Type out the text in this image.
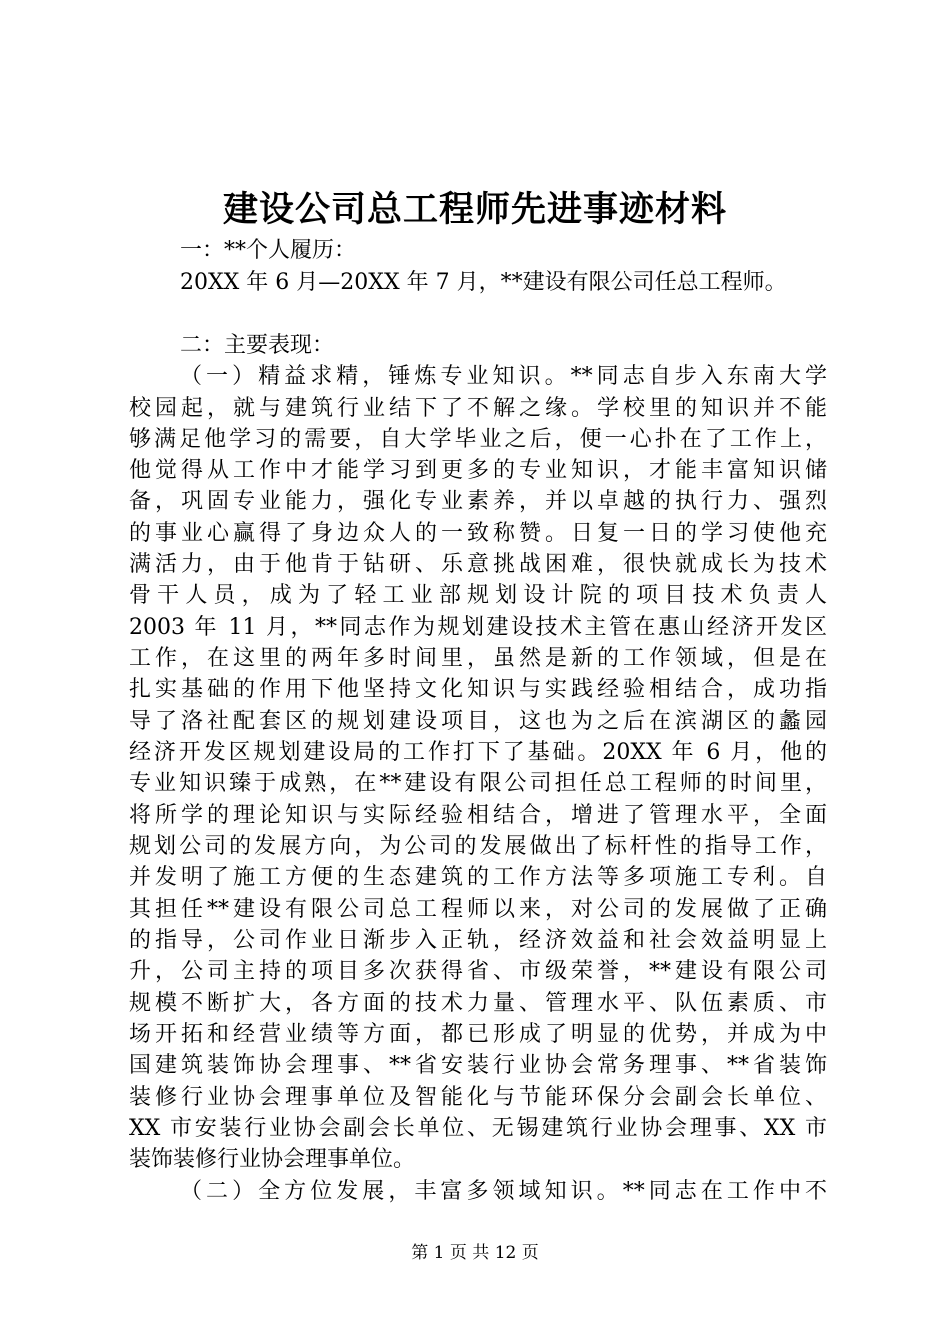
建设公司总工程师先进事迹材料
一：**个人履历：
20XX 年 6 月—20XX 年 7 月，**建设有限公司任总工程师。
二：主要表现：
（一）精益求精，锤炼专业知识。**同志自步入东南大学
校园起，就与建筑行业结下了不解之缘。学校里的知识并不能
够满足他学习的需要，自大学毕业之后，便一心扑在了工作上，
他觉得从工作中才能学习到更多的专业知识，才能丰富知识储
备，巩固专业能力，强化专业素养，并以卓越的执行力、强烈
的事业心赢得了身边众人的一致称赞。日复一日的学习使他充
满活力，由于他肯于钻研、乐意挑战困难，很快就成长为技术
骨干人员，成为了轻工业部规划设计院的项目技术负责人
2003 年 11 月，**同志作为规划建设技术主管在惠山经济开发区
工作，在这里的两年多时间里，虽然是新的工作领域，但是在
扎实基础的作用下他坚持文化知识与实践经验相结合，成功指
导了洛社配套区的规划建设项目，这也为之后在滨湖区的蠡园
经济开发区规划建设局的工作打下了基础。20XX 年 6 月，他的
专业知识臻于成熟，在**建设有限公司担任总工程师的时间里，
将所学的理论知识与实际经验相结合，增进了管理水平，全面
规划公司的发展方向，为公司的发展做出了标杆性的指导工作，
并发明了施工方便的生态建筑的工作方法等多项施工专利。自
其担任**建设有限公司总工程师以来，对公司的发展做了正确
的指导，公司作业日渐步入正轨，经济效益和社会效益明显上
升，公司主持的项目多次获得省、市级荣誉，**建设有限公司
规模不断扩大，各方面的技术力量、管理水平、队伍素质、市
场开拓和经营业绩等方面，都已形成了明显的优势，并成为中
国建筑装饰协会理事、**省安装行业协会常务理事、**省装饰
装修行业协会理事单位及智能化与节能环保分会副会长单位、
XX 市安装行业协会副会长单位、无锡建筑行业协会理事、XX 市
装饰装修行业协会理事单位。
（二）全方位发展，丰富多领域知识。**同志在工作中不
第 1 页 共 12 页
